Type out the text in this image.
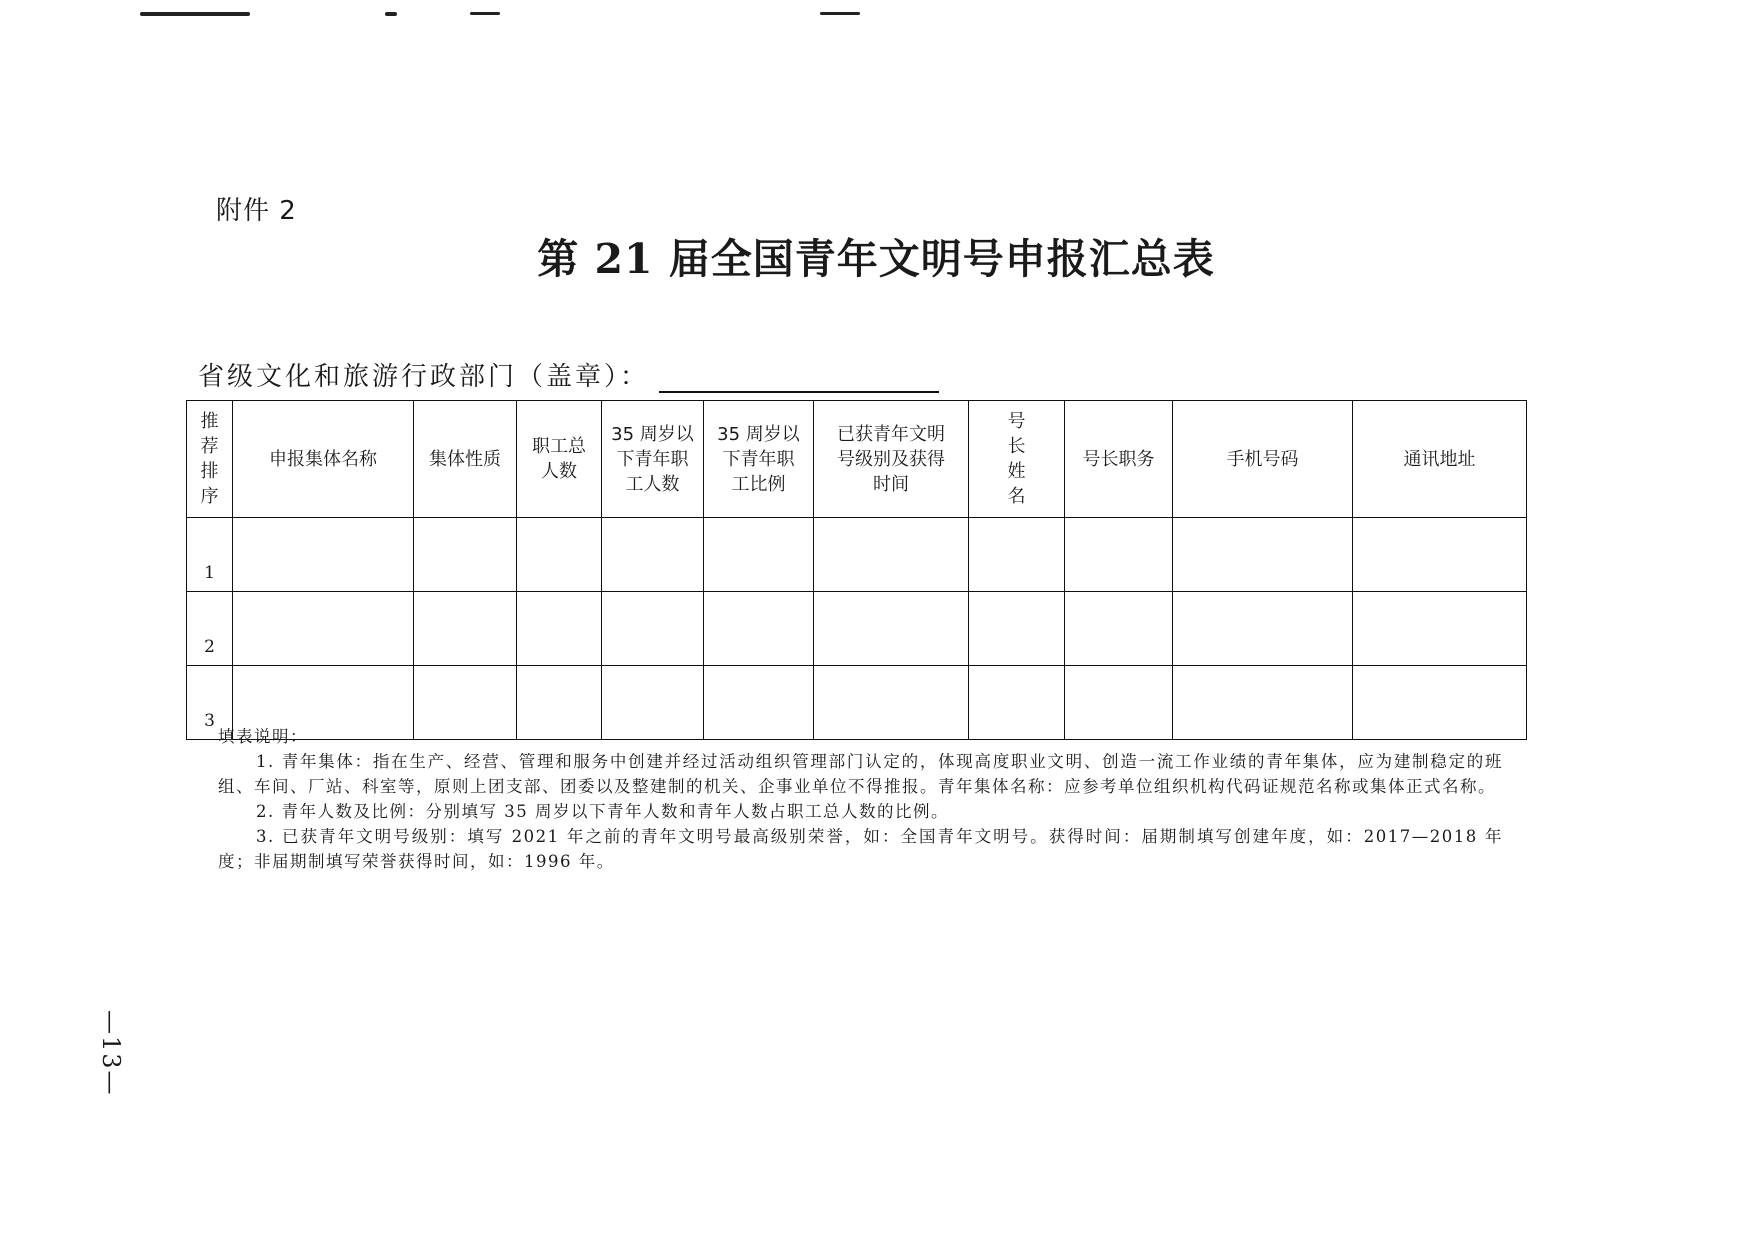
附件 2
第 21 届全国青年文明号申报汇总表
省级文化和旅游行政部门（盖章）：
推荐排序	申报集体名称	集体性质	职工总人数	35 周岁以下青年职工人数	35 周岁以下青年职工比例	已获青年文明号级别及获得时间	号长姓名	号长职务	手机号码	通讯地址
1										
2										
3										

填表说明：

1. 青年集体：指在生产、经营、管理和服务中创建并经过活动组织管理部门认定的，体现高度职业文明、创造一流工作业绩的青年集体，应为建制稳定的班组、车间、厂站、科室等，原则上团支部、团委以及整建制的机关、企事业单位不得推报。青年集体名称：应参考单位组织机构代码证规范名称或集体正式名称。

2. 青年人数及比例：分别填写 35 周岁以下青年人数和青年人数占职工总人数的比例。

3. 已获青年文明号级别：填写 2021 年之前的青年文明号最高级别荣誉，如：全国青年文明号。获得时间：届期制填写创建年度，如：2017—2018 年度；非届期制填写荣誉获得时间，如：1996 年。

—13—
